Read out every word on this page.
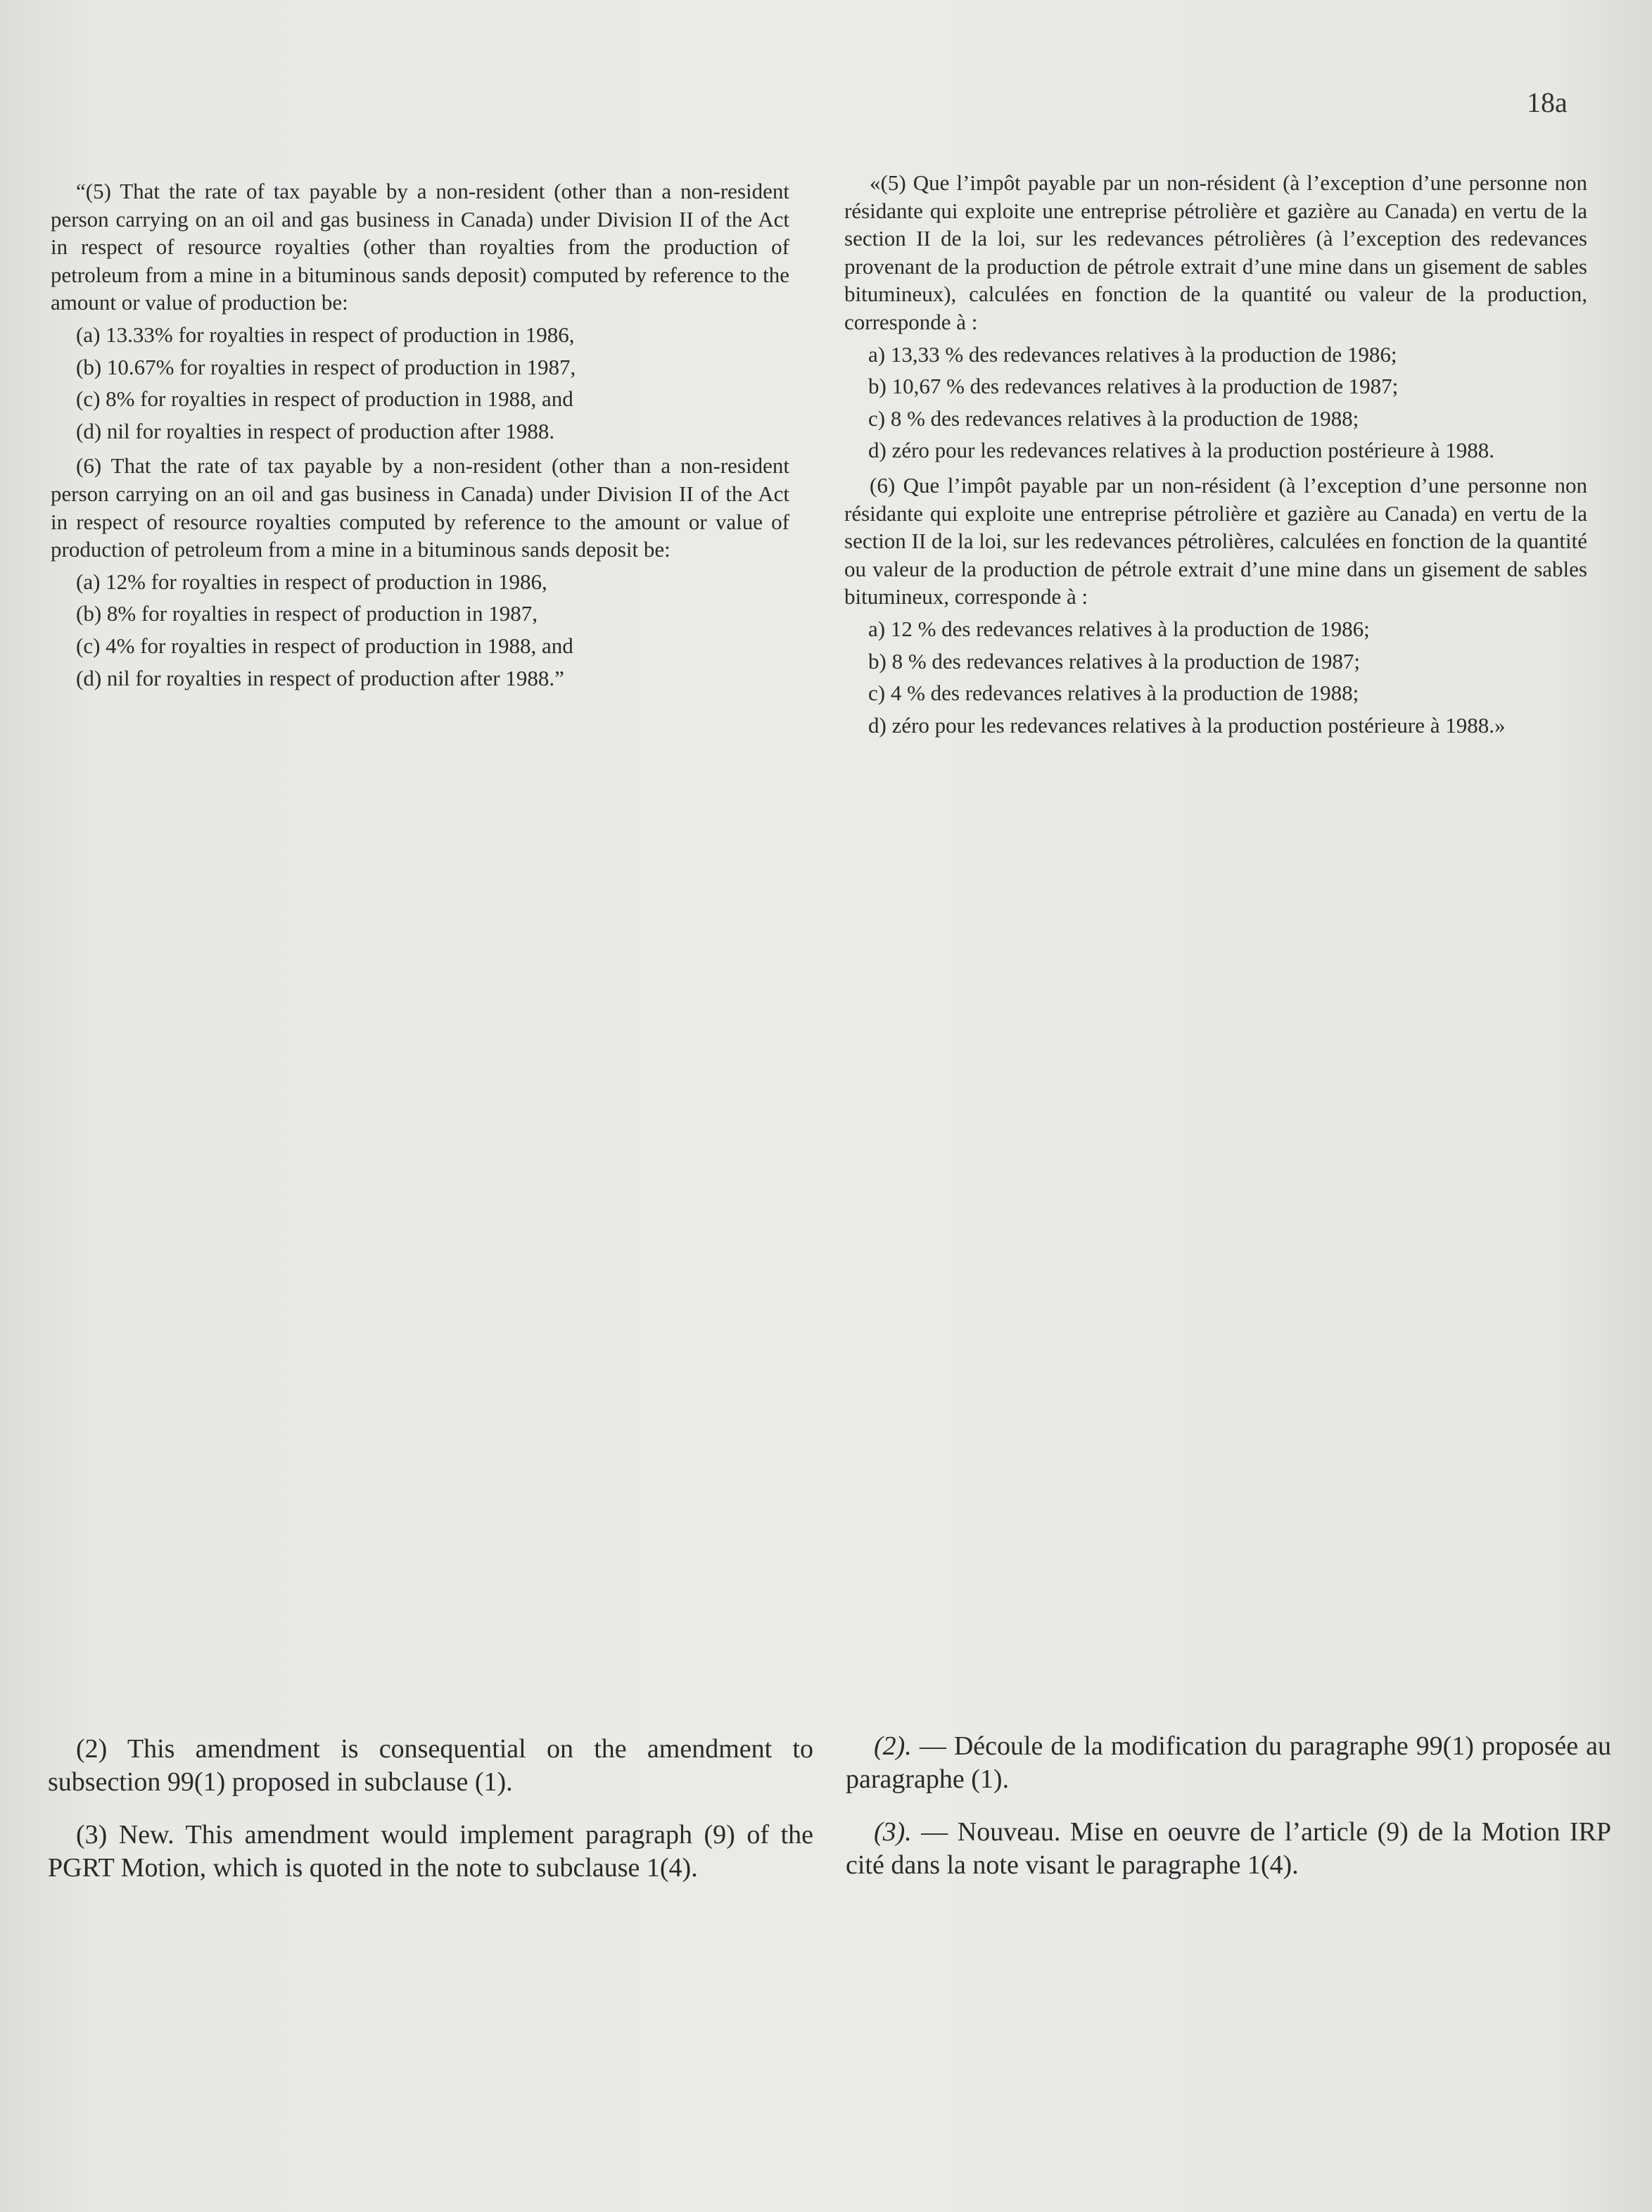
18a

“(5) That the rate of tax payable by a non-resident (other than a non-resident person carrying on an oil and gas business in Canada) under Division II of the Act in respect of resource royalties (other than royalties from the production of petroleum from a mine in a bituminous sands deposit) computed by reference to the amount or value of production be:

(a) 13.33% for royalties in respect of production in 1986,

(b) 10.67% for royalties in respect of production in 1987,

(c) 8% for royalties in respect of production in 1988, and

(d) nil for royalties in respect of production after 1988.

(6) That the rate of tax payable by a non-resident (other than a non-resident person carrying on an oil and gas business in Canada) under Division II of the Act in respect of resource royalties computed by reference to the amount or value of production of petroleum from a mine in a bituminous sands deposit be:

(a) 12% for royalties in respect of production in 1986,

(b) 8% for royalties in respect of production in 1987,

(c) 4% for royalties in respect of production in 1988, and

(d) nil for royalties in respect of production after 1988.”

«(5) Que l’impôt payable par un non-résident (à l’exception d’une personne non résidante qui exploite une entreprise pétrolière et gazière au Canada) en vertu de la section II de la loi, sur les redevances pétrolières (à l’exception des redevances provenant de la production de pétrole extrait d’une mine dans un gisement de sables bitumineux), calculées en fonction de la quantité ou valeur de la production, corresponde à :

a) 13,33 % des redevances relatives à la production de 1986;

b) 10,67 % des redevances relatives à la production de 1987;

c) 8 % des redevances relatives à la production de 1988;

d) zéro pour les redevances relatives à la production postérieure à 1988.

(6) Que l’impôt payable par un non-résident (à l’exception d’une personne non résidante qui exploite une entreprise pétrolière et gazière au Canada) en vertu de la section II de la loi, sur les redevances pétrolières, calculées en fonction de la quantité ou valeur de la production de pétrole extrait d’une mine dans un gisement de sables bitumineux, corresponde à :

a) 12 % des redevances relatives à la production de 1986;

b) 8 % des redevances relatives à la production de 1987;

c) 4 % des redevances relatives à la production de 1988;

d) zéro pour les redevances relatives à la production postérieure à 1988.»

(2) This amendment is consequential on the amendment to subsection 99(1) proposed in subclause (1).

(3) New. This amendment would implement paragraph (9) of the PGRT Motion, which is quoted in the note to subclause 1(4).

(2). — Découle de la modification du paragraphe 99(1) proposée au paragraphe (1).

(3). — Nouveau. Mise en oeuvre de l’article (9) de la Motion IRP cité dans la note visant le paragraphe 1(4).
